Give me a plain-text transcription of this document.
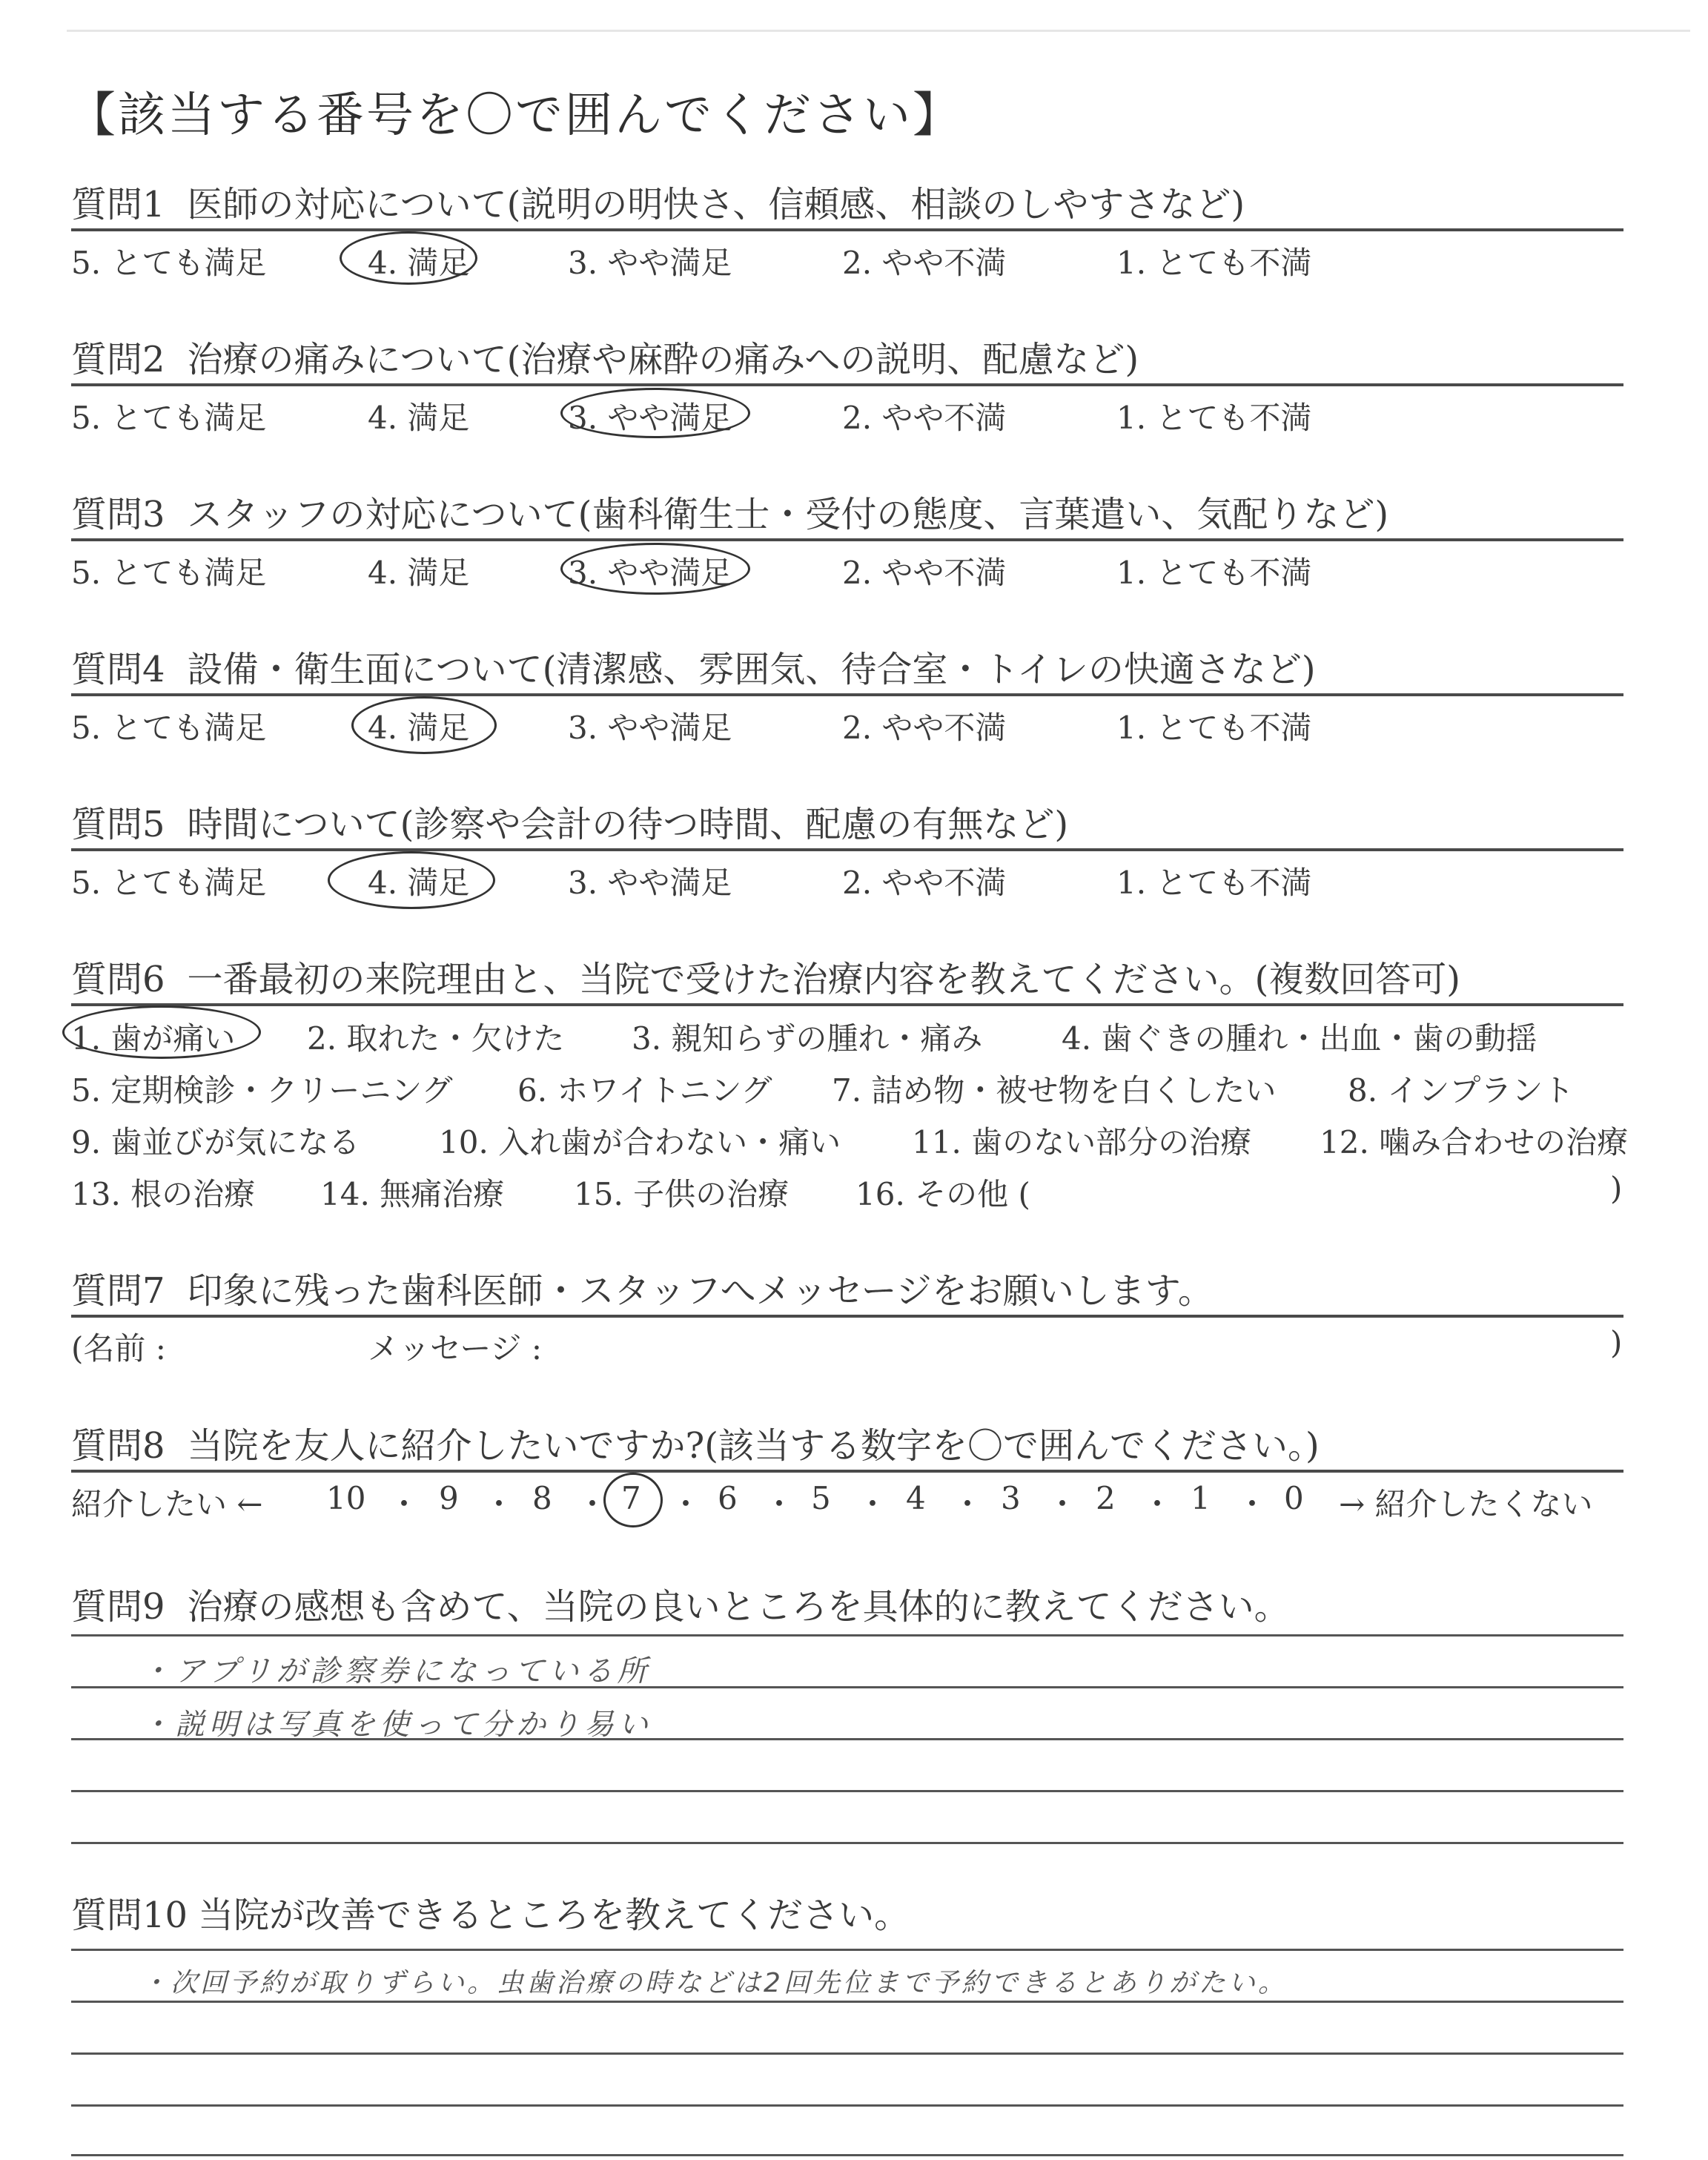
【該当する番号を〇で囲んでください】
質問1 医師の対応について(説明の明快さ、信頼感、相談のしやすさなど)
5. とても満足	4. 満足	3. やや満足	2. やや不満	1. とても不満
質問2 治療の痛みについて(治療や麻酔の痛みへの説明、配慮など)
5. とても満足	4. 満足	3. やや満足	2. やや不満	1. とても不満
質問3 スタッフの対応について(歯科衛生士・受付の態度、言葉遣い、気配りなど)
5. とても満足	4. 満足	3. やや満足	2. やや不満	1. とても不満
質問4 設備・衛生面について(清潔感、雰囲気、待合室・トイレの快適さなど)
5. とても満足	4. 満足	3. やや満足	2. やや不満	1. とても不満
質問5 時間について(診察や会計の待つ時間、配慮の有無など)
5. とても満足	4. 満足	3. やや満足	2. やや不満	1. とても不満
質問6 一番最初の来院理由と、当院で受けた治療内容を教えてください。(複数回答可)
1. 歯が痛い 2. 取れた・欠けた 3. 親知らずの腫れ・痛み	4. 歯ぐきの腫れ・出血・歯の動揺
5. 定期検診・クリーニング 6. ホワイトニング 7. 詰め物・被せ物を白くしたい 8. インプラント
9. 歯並びが気になる	10. 入れ歯が合わない・痛い 11. 歯のない部分の治療 12. 噛み合わせの治療
13. 根の治療 14. 無痛治療 15. 子供の治療 16. その他 (	)
質問7 印象に残った歯科医師・スタッフへメッセージをお願いします。
(名前 :	メッセージ :	)
質問8 当院を友人に紹介したいですか?(該当する数字を〇で囲んでください。)
紹介したい ← 10 ・ 9 ・ 8 ・ 7 ・ 6 ・ 5 ・ 4 ・ 3 ・ 2 ・ 1 ・ 0 → 紹介したくない
質問9 治療の感想も含めて、当院の良いところを具体的に教えてください。
・アプリが診察券になっている所
・説明は写真を使って分かり易い
質問10 当院が改善できるところを教えてください。
・次回予約が取りずらい。虫歯治療の時などは2回先位まで予約できるとありがたい。
